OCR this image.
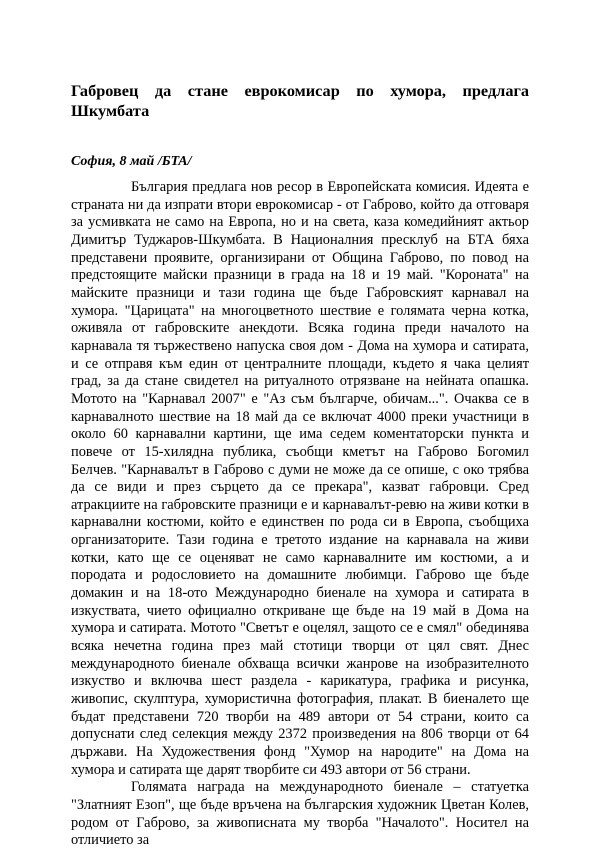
Габровец да стане еврокомисар по хумора, предлага Шкумбата

София, 8 май /БТА/

България предлага нов ресор в Европейската комисия. Идеята е страната ни да изпрати втори еврокомисар - от Габрово, който да отговаря за усмивката не само на Европа, но и на света, каза комедийният актьор Димитър Туджаров-Шкумбата. В Националния пресклуб на БТА бяха представени проявите, организирани от Община Габрово, по повод на предстоящите майски празници в града на 18 и 19 май. "Короната" на майските празници и тази година ще бъде Габровският карнавал на хумора. "Царицата" на многоцветното шествие е голямата черна котка, оживяла от габровските анекдоти. Всяка година преди началото на карнавала тя тържествено напуска своя дом - Дома на хумора и сатирата, и се отправя към един от централните площади, където я чака целият град, за да стане свидетел на ритуалното отрязване на нейната опашка. Мотото на "Карнавал 2007" е "Аз съм българче, обичам...". Очаква се в карнавалното шествие на 18 май да се включат 4000 преки участници в около 60 карнавални картини, ще има седем коментаторски пункта и повече от 15-хилядна публика, съобщи кметът на Габрово Богомил Белчев. "Карнавалът в Габрово с думи не може да се опише, с око трябва да се види и през сърцето да се прекара", казват габровци. Сред атракциите на габровските празници е и карнавалът-ревю на живи котки в карнавални костюми, който е единствен по рода си в Европа, съобщиха организаторите. Тази година е третото издание на карнавала на живи котки, като ще се оценяват не само карнавалните им костюми, а и породата и родословието на домашните любимци. Габрово ще бъде домакин и на 18-ото Международно биенале на хумора и сатирата в изкуствата, чието официално откриване ще бъде на 19 май в Дома на хумора и сатирата. Мотото "Светът е оцелял, защото се е смял" обединява всяка нечетна година през май стотици творци от цял свят. Днес международното биенале обхваща всички жанрове на изобразителното изкуство и включва шест раздела - карикатура, графика и рисунка, живопис, скулптура, хумористична фотография, плакат. В биеналето ще бъдат представени 720 творби на 489 автори от 54 страни, които са допуснати след селекция между 2372 произведения на 806 творци от 64 държави. На Художествения фонд "Хумор на народите" на Дома на хумора и сатирата ще дарят творбите си 493 автори от 56 страни.

Голямата награда на международното биенале – статуетка "Златният Езоп", ще бъде връчена на българския художник Цветан Колев, родом от Габрово, за живописната му творба "Началото". Носител на отличието за
